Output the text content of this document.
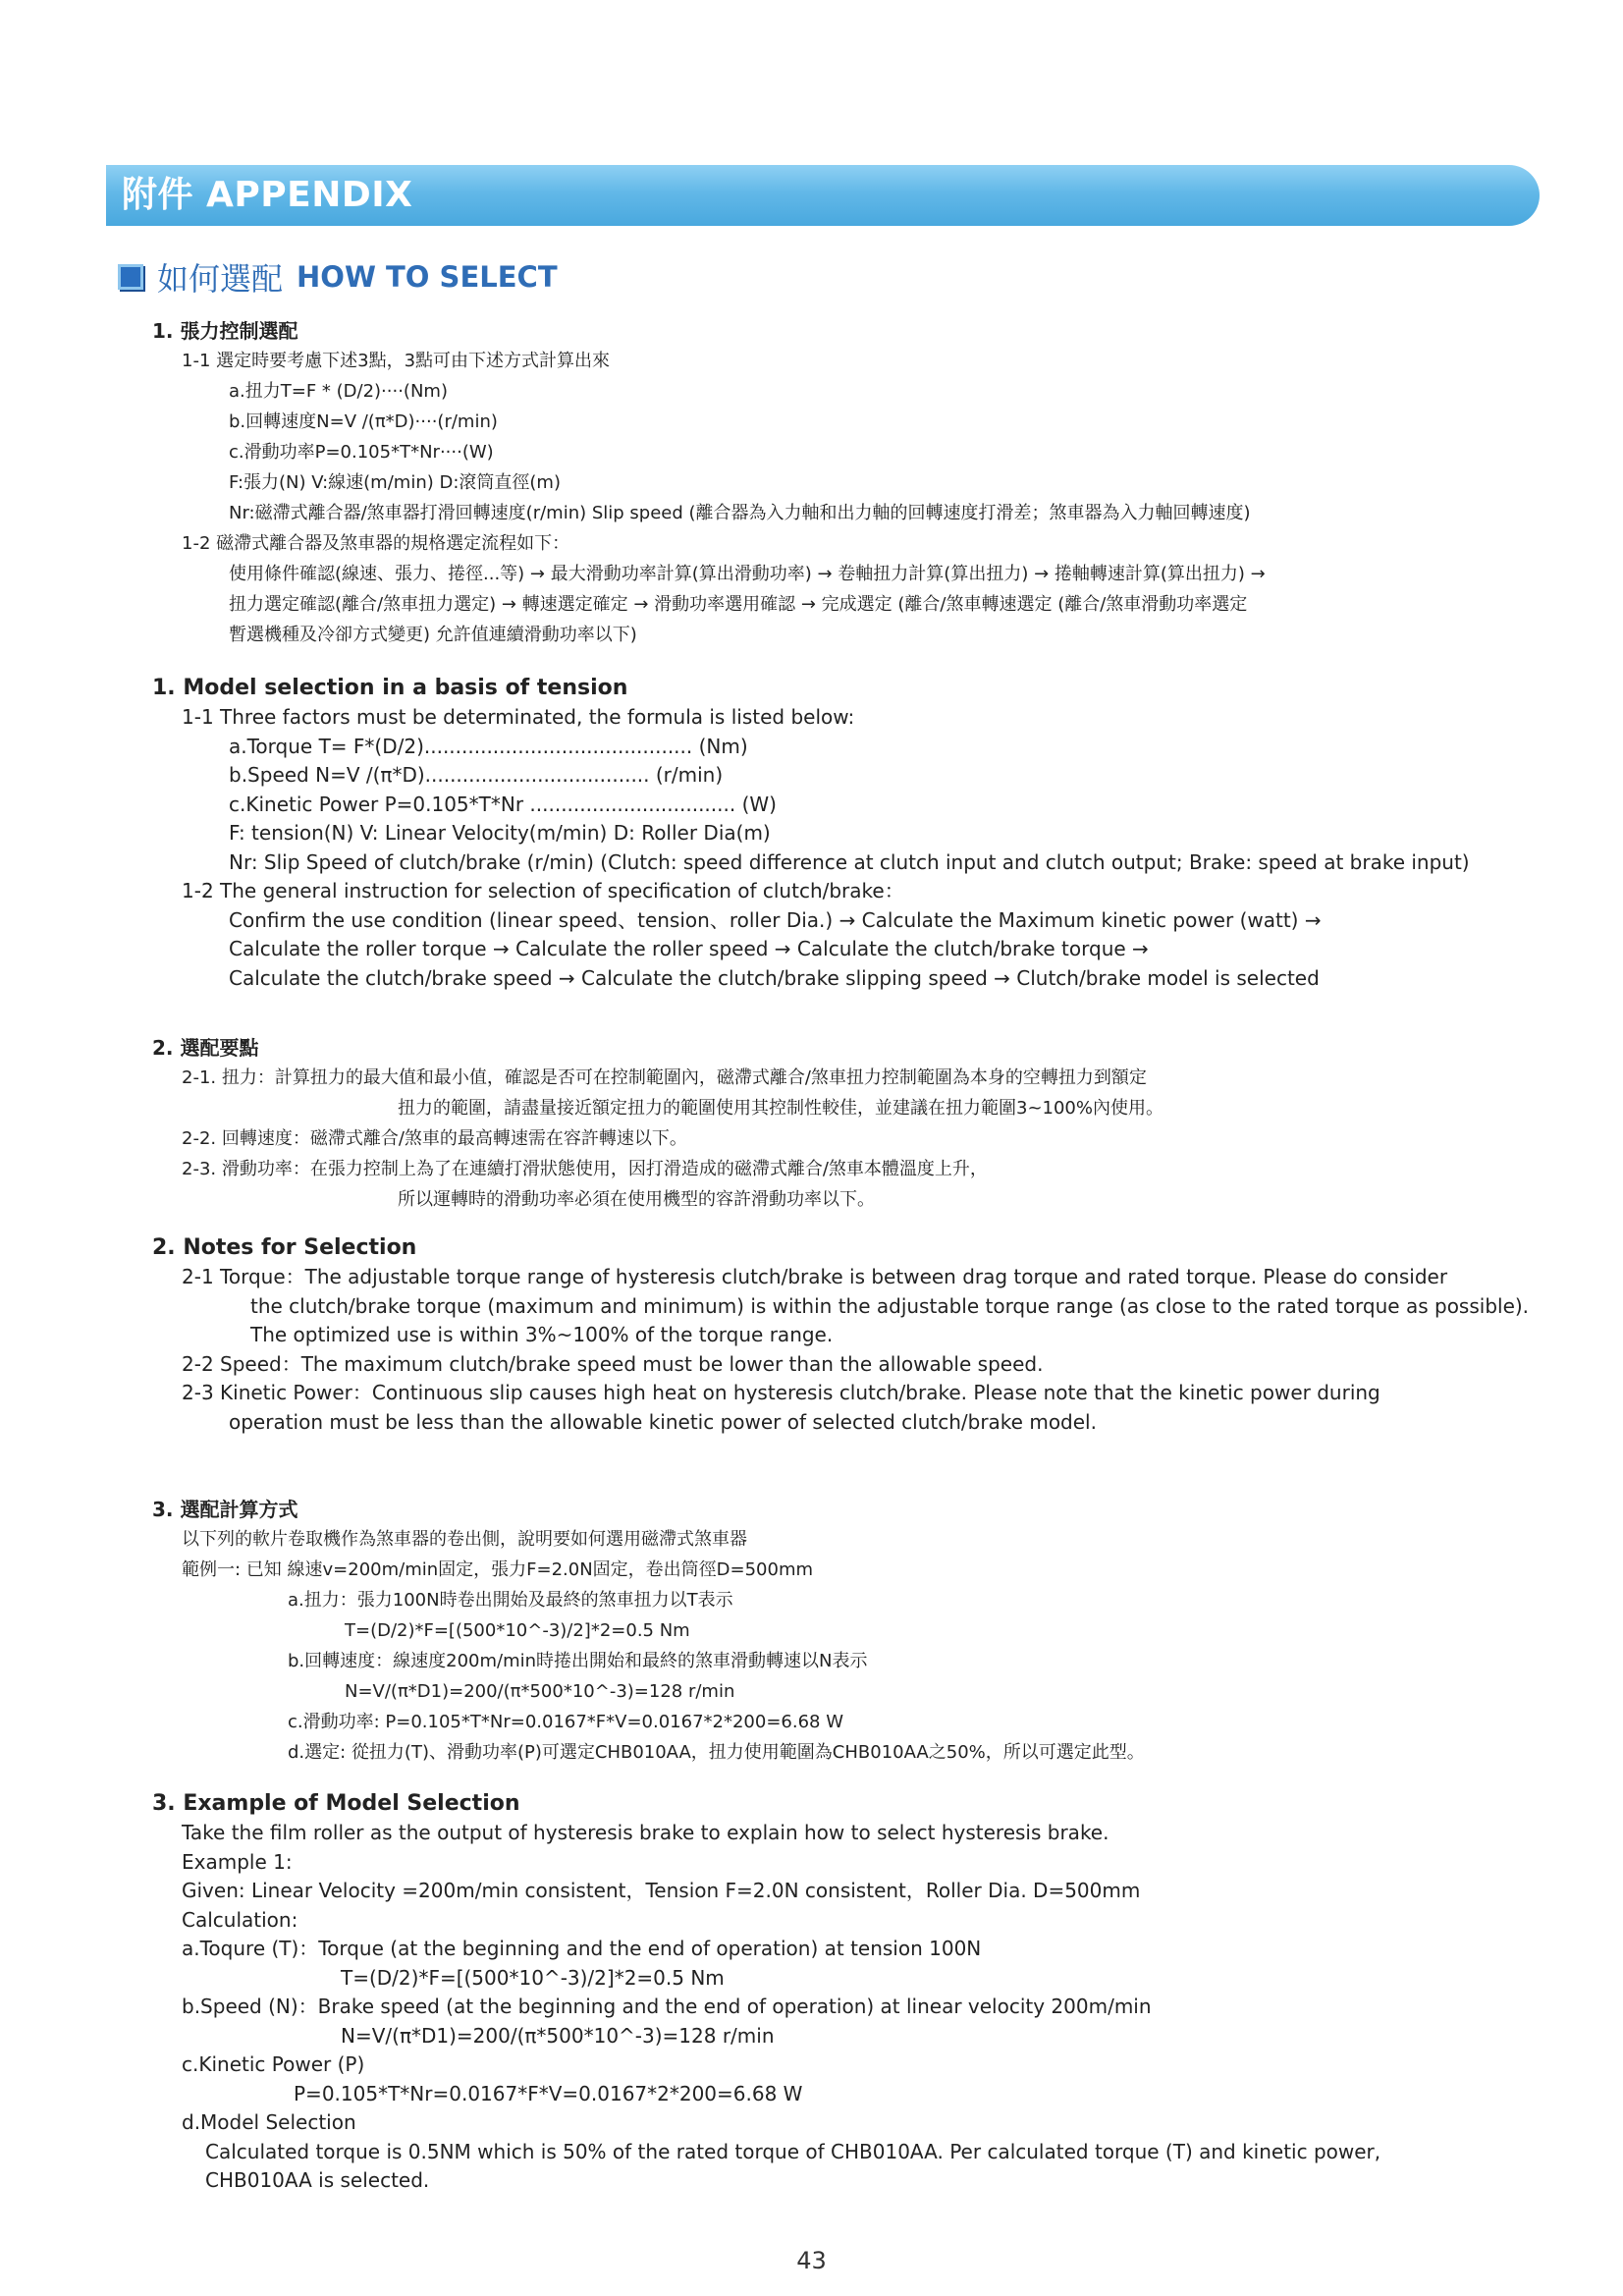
附件 APPENDIX
如何選配 HOW TO SELECT
1. 張力控制選配
1-1 選定時要考慮下述3點，3點可由下述方式計算出來
a.扭力T=F * (D/2)····(Nm)
b.回轉速度N=V /(π*D)····(r/min)
c.滑動功率P=0.105*T*Nr····(W)
F:張力(N) V:線速(m/min) D:滾筒直徑(m)
Nr:磁滯式離合器/煞車器打滑回轉速度(r/min) Slip speed (離合器為入力軸和出力軸的回轉速度打滑差；煞車器為入力軸回轉速度)
1-2 磁滯式離合器及煞車器的規格選定流程如下：
使用條件確認(線速、張力、捲徑...等) → 最大滑動功率計算(算出滑動功率) → 卷軸扭力計算(算出扭力) → 捲軸轉速計算(算出扭力) →
扭力選定確認(離合/煞車扭力選定) → 轉速選定確定 → 滑動功率選用確認 → 完成選定 (離合/煞車轉速選定 (離合/煞車滑動功率選定
暫選機種及冷卻方式變更) 允許值連續滑動功率以下)
1. Model selection in a basis of tension
1-1 Three factors must be determinated, the formula is listed below:
a.Torque T= F*(D/2)........................................... (Nm)
b.Speed N=V /(π*D).................................... (r/min)
c.Kinetic Power P=0.105*T*Nr ................................. (W)
F: tension(N) V: Linear Velocity(m/min) D: Roller Dia(m)
Nr: Slip Speed of clutch/brake (r/min) (Clutch: speed difference at clutch input and clutch output; Brake: speed at brake input)
1-2 The general instruction for selection of specification of clutch/brake：
Confirm the use condition (linear speed、tension、roller Dia.) → Calculate the Maximum kinetic power (watt) →
Calculate the roller torque → Calculate the roller speed → Calculate the clutch/brake torque →
Calculate the clutch/brake speed → Calculate the clutch/brake slipping speed → Clutch/brake model is selected
2. 選配要點
2-1. 扭力：計算扭力的最大值和最小值，確認是否可在控制範圍內，磁滯式離合/煞車扭力控制範圍為本身的空轉扭力到額定
扭力的範圍，請盡量接近額定扭力的範圍使用其控制性較佳，並建議在扭力範圍3~100%內使用。
2-2. 回轉速度：磁滯式離合/煞車的最高轉速需在容許轉速以下。
2-3. 滑動功率：在張力控制上為了在連續打滑狀態使用，因打滑造成的磁滯式離合/煞車本體溫度上升，
所以運轉時的滑動功率必須在使用機型的容許滑動功率以下。
2. Notes for Selection
2-1 Torque：The adjustable torque range of hysteresis clutch/brake is between drag torque and rated torque. Please do consider
the clutch/brake torque (maximum and minimum) is within the adjustable torque range (as close to the rated torque as possible).
The optimized use is within 3%~100% of the torque range.
2-2 Speed：The maximum clutch/brake speed must be lower than the allowable speed.
2-3 Kinetic Power：Continuous slip causes high heat on hysteresis clutch/brake. Please note that the kinetic power during
operation must be less than the allowable kinetic power of selected clutch/brake model.
3. 選配計算方式
以下列的軟片卷取機作為煞車器的卷出側，說明要如何選用磁滯式煞車器
範例一: 已知 線速v=200m/min固定，張力F=2.0N固定，卷出筒徑D=500mm
a.扭力：張力100N時卷出開始及最終的煞車扭力以T表示
T=(D/2)*F=[(500*10^-3)/2]*2=0.5 Nm
b.回轉速度：線速度200m/min時捲出開始和最終的煞車滑動轉速以N表示
N=V/(π*D1)=200/(π*500*10^-3)=128 r/min
c.滑動功率: P=0.105*T*Nr=0.0167*F*V=0.0167*2*200=6.68 W
d.選定: 從扭力(T)、滑動功率(P)可選定CHB010AA，扭力使用範圍為CHB010AA之50%，所以可選定此型。
3. Example of Model Selection
Take the film roller as the output of hysteresis brake to explain how to select hysteresis brake.
Example 1:
Given: Linear Velocity =200m/min consistent，Tension F=2.0N consistent，Roller Dia. D=500mm
Calculation:
a.Toqure (T)：Torque (at the beginning and the end of operation) at tension 100N
T=(D/2)*F=[(500*10^-3)/2]*2=0.5 Nm
b.Speed (N)：Brake speed (at the beginning and the end of operation) at linear velocity 200m/min
N=V/(π*D1)=200/(π*500*10^-3)=128 r/min
c.Kinetic Power (P)
P=0.105*T*Nr=0.0167*F*V=0.0167*2*200=6.68 W
d.Model Selection
Calculated torque is 0.5NM which is 50% of the rated torque of CHB010AA. Per calculated torque (T) and kinetic power,
CHB010AA is selected.
43
